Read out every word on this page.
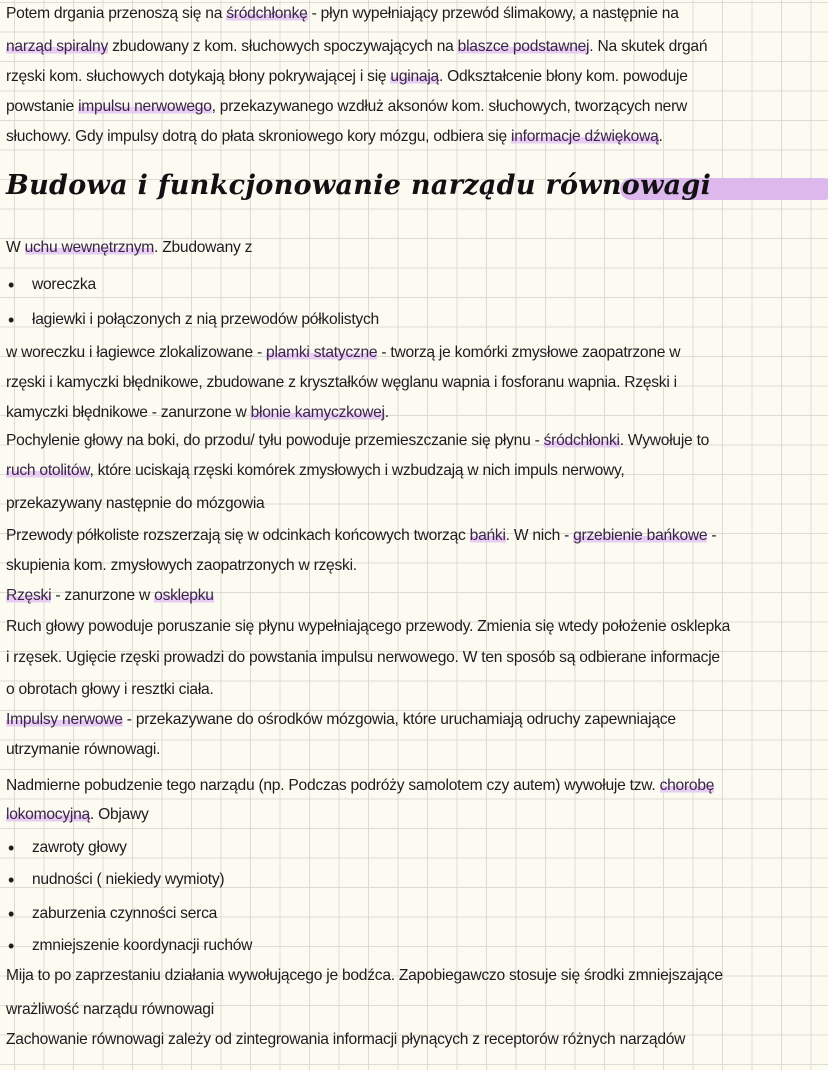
Budowa i funkcjonowanie narządu równowagi
Potem drgania przenoszą się na śródchłonkę - płyn wypełniający przewód ślimakowy, a następnie na
narząd spiralny zbudowany z kom. słuchowych spoczywających na blaszce podstawnej. Na skutek drgań
rzęski kom. słuchowych dotykają błony pokrywającej i się uginają. Odkształcenie błony kom. powoduje
powstanie impulsu nerwowego, przekazywanego wzdłuż aksonów kom. słuchowych, tworzących nerw
słuchowy. Gdy impulsy dotrą do płata skroniowego kory mózgu, odbiera się informacje dźwiękową.
W uchu wewnętrznym. Zbudowany z
• woreczka
• łagiewki i połączonych z nią przewodów półkolistych
w woreczku i łagiewce zlokalizowane - plamki statyczne - tworzą je komórki zmysłowe zaopatrzone w
rzęski i kamyczki błędnikowe, zbudowane z kryształków węglanu wapnia i fosforanu wapnia. Rzęski i
kamyczki błędnikowe - zanurzone w błonie kamyczkowej.
Pochylenie głowy na boki, do przodu/ tyłu powoduje przemieszczanie się płynu - śródchłonki. Wywołuje to
ruch otolitów, które uciskają rzęski komórek zmysłowych i wzbudzają w nich impuls nerwowy,
przekazywany następnie do mózgowia
Przewody półkoliste rozszerzają się w odcinkach końcowych tworząc bańki. W nich - grzebienie bańkowe -
skupienia kom. zmysłowych zaopatrzonych w rzęski.
Rzęski - zanurzone w osklepku
Ruch głowy powoduje poruszanie się płynu wypełniającego przewody. Zmienia się wtedy położenie osklepka
i rzęsek. Ugięcie rzęski prowadzi do powstania impulsu nerwowego. W ten sposób są odbierane informacje
o obrotach głowy i resztki ciała.
Impulsy nerwowe - przekazywane do ośrodków mózgowia, które uruchamiają odruchy zapewniające
utrzymanie równowagi.
Nadmierne pobudzenie tego narządu (np. Podczas podróży samolotem czy autem) wywołuje tzw. chorobę
lokomocyjną. Objawy
• zawroty głowy
• nudności ( niekiedy wymioty)
• zaburzenia czynności serca
• zmniejszenie koordynacji ruchów
Mija to po zaprzestaniu działania wywołującego je bodźca. Zapobiegawczo stosuje się środki zmniejszające
wrażliwość narządu równowagi
Zachowanie równowagi zależy od zintegrowania informacji płynących z receptorów różnych narządów
